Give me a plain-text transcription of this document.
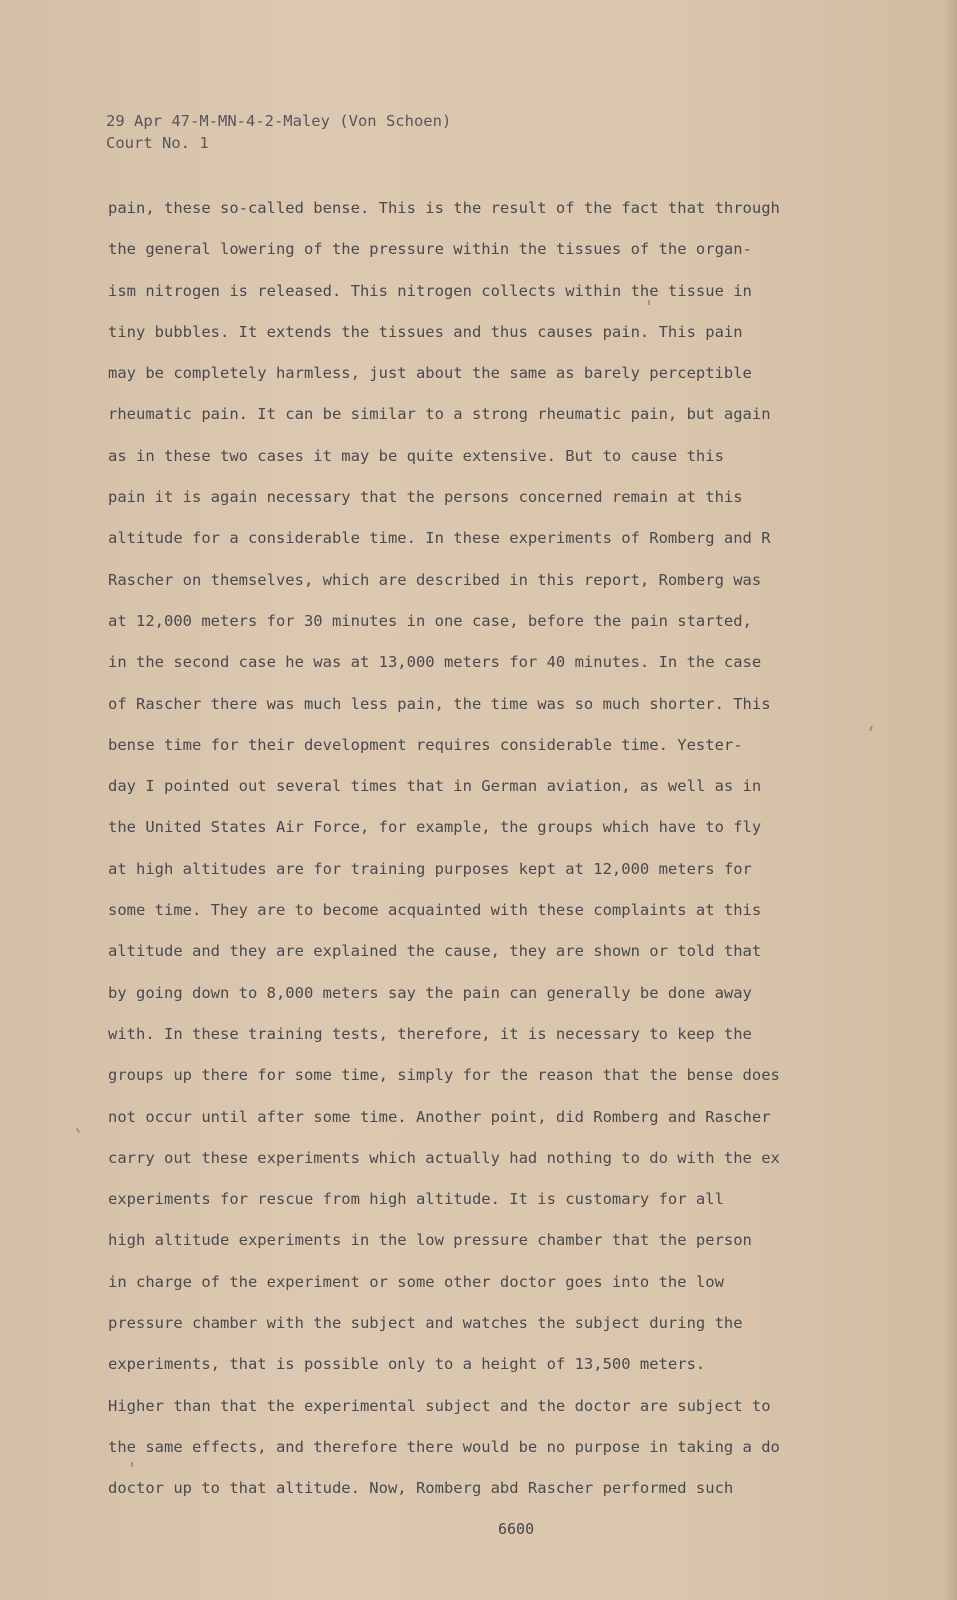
29 Apr 47-M-MN-4-2-Maley (Von Schoen)
Court No. 1
pain, these so-called bense. This is the result of the fact that through
the general lowering of the pressure within the tissues of the organ-
ism nitrogen is released. This nitrogen collects within the tissue in
tiny bubbles. It extends the tissues and thus causes pain. This pain
may be completely harmless, just about the same as barely perceptible
rheumatic pain. It can be similar to a strong rheumatic pain, but again
as in these two cases it may be quite extensive. But to cause this
pain it is again necessary that the persons concerned remain at this
altitude for a considerable time. In these experiments of Romberg and R
Rascher on themselves, which are described in this report, Romberg was
at 12,000 meters for 30 minutes in one case, before the pain started,
in the second case he was at 13,000 meters for 40 minutes. In the case
of Rascher there was much less pain, the time was so much shorter. This
bense time for their development requires considerable time. Yester-
day I pointed out several times that in German aviation, as well as in
the United States Air Force, for example, the groups which have to fly
at high altitudes are for training purposes kept at 12,000 meters for
some time. They are to become acquainted with these complaints at this
altitude and they are explained the cause, they are shown or told that
by going down to 8,000 meters say the pain can generally be done away
with. In these training tests, therefore, it is necessary to keep the
groups up there for some time, simply for the reason that the bense does
not occur until after some time. Another point, did Romberg and Rascher
carry out these experiments which actually had nothing to do with the ex
experiments for rescue from high altitude. It is customary for all
high altitude experiments in the low pressure chamber that the person
in charge of the experiment or some other doctor goes into the low
pressure chamber with the subject and watches the subject during the
experiments, that is possible only to a height of 13,500 meters.
Higher than that the experimental subject and the doctor are subject to
the same effects, and therefore there would be no purpose in taking a do
doctor up to that altitude. Now, Romberg abd Rascher performed such
6600
